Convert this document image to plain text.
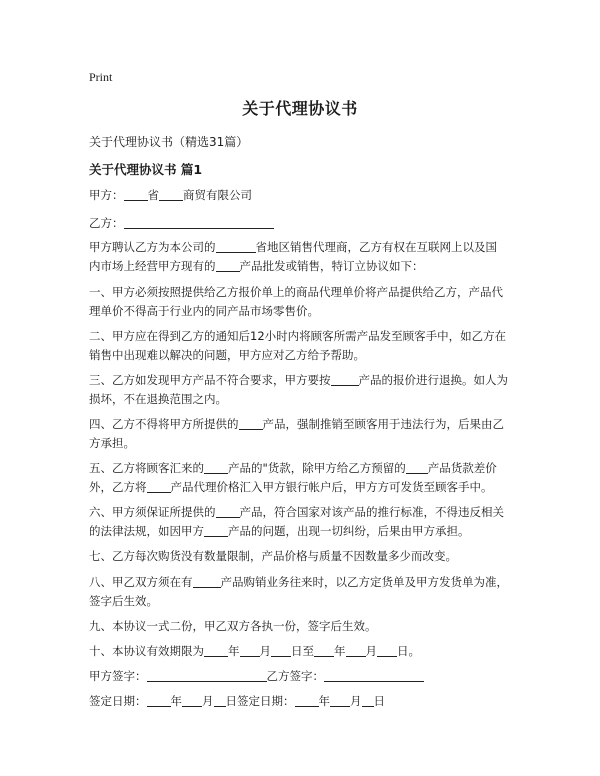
Print
关于代理协议书
关于代理协议书（精选31篇）
关于代理协议书 篇1
甲方： 省 商贸有限公司
乙方：
甲方聘认乙方为本公司的	省地区销售代理商，乙方有权在互联网上以及国
内市场上经营甲方现有的 产品批发或销售，特订立协议如下：
一、甲方必须按照提供给乙方报价单上的商品代理单价将产品提供给乙方，产品代
理单价不得高于行业内的同产品市场零售价。
二、甲方应在得到乙方的通知后12小时内将顾客所需产品发至顾客手中，如乙方在
销售中出现难以解决的问题，甲方应对乙方给予帮助。
三、乙方如发现甲方产品不符合要求，甲方要按 产品的报价进行退换。如人为
损坏，不在退换范围之内。
四、乙方不得将甲方所提供的 产品，强制推销至顾客用于违法行为，后果由乙
方承担。
五、乙方将顾客汇来的 产品的"货款，除甲方给乙方预留的 产品货款差价
外，乙方将 产品代理价格汇入甲方银行帐户后，甲方方可发货至顾客手中。
六、甲方须保证所提供的 产品，符合国家对该产品的推行标准，不得违反相关
的法律法规，如因甲方 产品的问题，出现一切纠纷，后果由甲方承担。
七、乙方每次购货没有数量限制，产品价格与质量不因数量多少而改变。
八、甲乙双方须在有 产品购销业务往来时，以乙方定货单及甲方发货单为准，
签字后生效。
九、本协议一式二份，甲乙双方各执一份，签字后生效。
十、本协议有效期限为 年 月 日至 年 月 日。
甲方签字：	乙方签字：
签定日期： 年 月 日签定日期： 年 月 日
